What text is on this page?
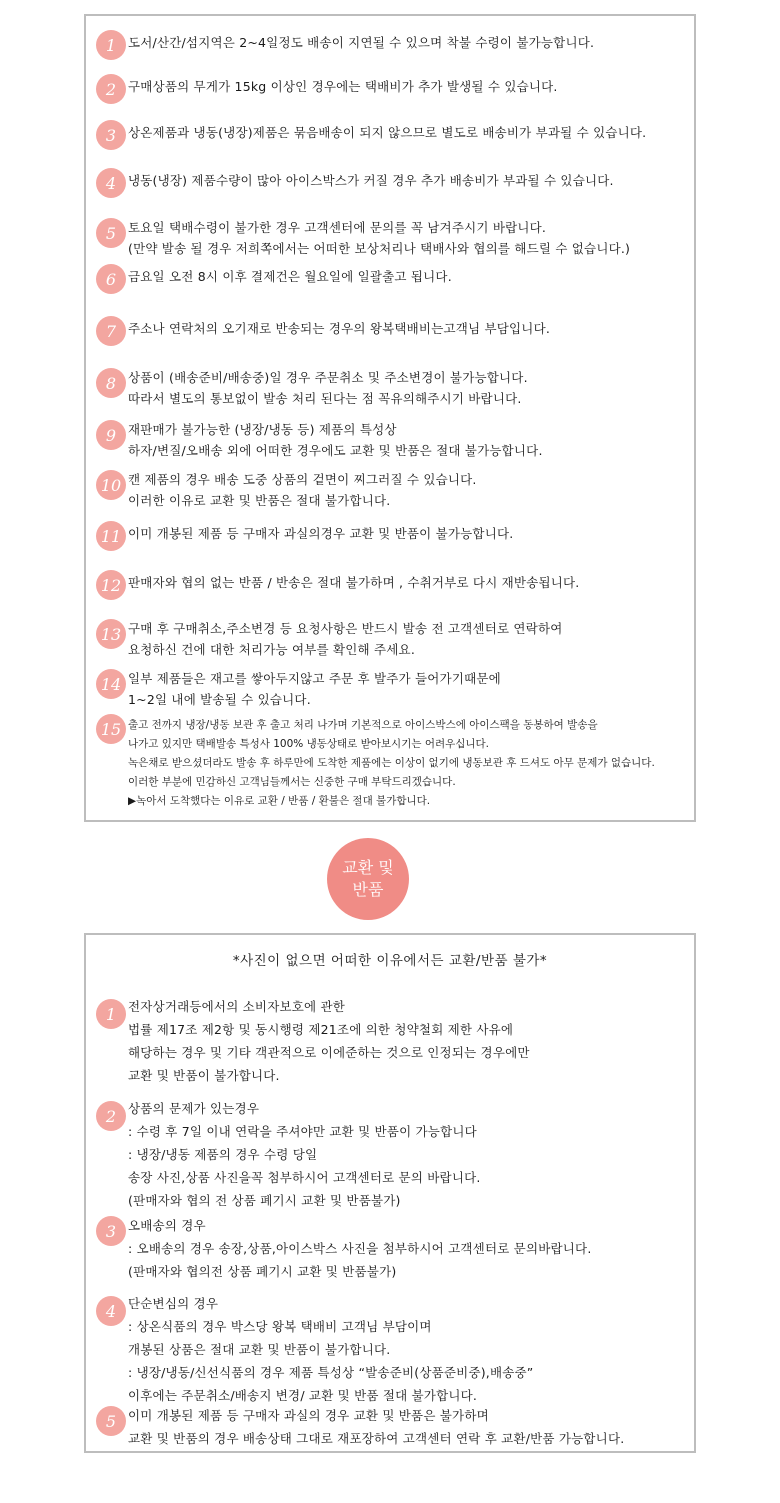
1 도서/산간/섬지역은 2~4일정도 배송이 지연될 수 있으며 착불 수령이 불가능합니다.
2 구매상품의 무게가 15kg 이상인 경우에는 택배비가 추가 발생될 수 있습니다.
3 상온제품과 냉동(냉장)제품은 묶음배송이 되지 않으므로 별도로 배송비가 부과될 수 있습니다.
4 냉동(냉장) 제품수량이 많아 아이스박스가 커질 경우 추가 배송비가 부과될 수 있습니다.
5 토요일 택배수령이 불가한 경우 고객센터에 문의를 꼭 남겨주시기 바랍니다.
(만약 발송 될 경우 저희쪽에서는 어떠한 보상처리나 택배사와 협의를 해드릴 수 없습니다.)
6 금요일 오전 8시 이후 결제건은 월요일에 일괄출고 됩니다.
7 주소나 연락처의 오기재로 반송되는 경우의 왕복택배비는고객님 부담입니다.
8 상품이 (배송준비/배송중)일 경우 주문취소 및 주소변경이 불가능합니다.
따라서 별도의 통보없이 발송 처리 된다는 점 꼭유의해주시기 바랍니다.
9 재판매가 불가능한 (냉장/냉동 등) 제품의 특성상
하자/변질/오배송 외에 어떠한 경우에도 교환 및 반품은 절대 불가능합니다.
10 캔 제품의 경우 배송 도중 상품의 겉면이 찌그러질 수 있습니다.
이러한 이유로 교환 및 반품은 절대 불가합니다.
11 이미 개봉된 제품 등 구매자 과실의경우 교환 및 반품이 불가능합니다.
12 판매자와 협의 없는 반품 / 반송은 절대 불가하며 , 수취거부로 다시 재반송됩니다.
13 구매 후 구매취소,주소변경 등 요청사항은 반드시 발송 전 고객센터로 연락하여
요청하신 건에 대한 처리가능 여부를 확인해 주세요.
14 일부 제품들은 재고를 쌓아두지않고 주문 후 발주가 들어가기때문에
1~2일 내에 발송될 수 있습니다.
15 출고 전까지 냉장/냉동 보관 후 출고 처리 나가며 기본적으로 아이스박스에 아이스팩을 동봉하여 발송을
나가고 있지만 택배발송 특성사 100% 냉동상태로 받아보시기는 어려우십니다.
녹은채로 받으셨더라도 발송 후 하루만에 도착한 제품에는 이상이 없기에 냉동보관 후 드셔도 아무 문제가 없습니다.
이러한 부분에 민감하신 고객님들께서는 신중한 구매 부탁드리겠습니다.
▶녹아서 도착했다는 이유로 교환 / 반품 / 환불은 절대 불가합니다.
교환 및
반품
*사진이 없으면 어떠한 이유에서든 교환/반품 불가*
1 전자상거래등에서의 소비자보호에 관한
법률 제17조 제2항 및 동시행령 제21조에 의한 청약철회 제한 사유에
해당하는 경우 및 기타 객관적으로 이에준하는 것으로 인정되는 경우에만
교환 및 반품이 불가합니다.
2 상품의 문제가 있는경우
: 수령 후 7일 이내 연락을 주셔야만 교환 및 반품이 가능합니다
: 냉장/냉동 제품의 경우 수령 당일
송장 사진,상품 사진을꼭 첨부하시어 고객센터로 문의 바랍니다.
(판매자와 협의 전 상품 폐기시 교환 및 반품불가)
3 오배송의 경우
: 오배송의 경우 송장,상품,아이스박스 사진을 첨부하시어 고객센터로 문의바랍니다.
(판매자와 협의전 상품 폐기시 교환 및 반품불가)
4 단순변심의 경우
: 상온식품의 경우 박스당 왕복 택배비 고객님 부담이며
개봉된 상품은 절대 교환 및 반품이 불가합니다.
: 냉장/냉동/신선식품의 경우 제품 특성상 “발송준비(상품준비중),배송중”
이후에는 주문취소/배송지 변경/ 교환 및 반품 절대 불가합니다.
5 이미 개봉된 제품 등 구매자 과실의 경우 교환 및 반품은 불가하며
교환 및 반품의 경우 배송상태 그대로 재포장하여 고객센터 연락 후 교환/반품 가능합니다.
